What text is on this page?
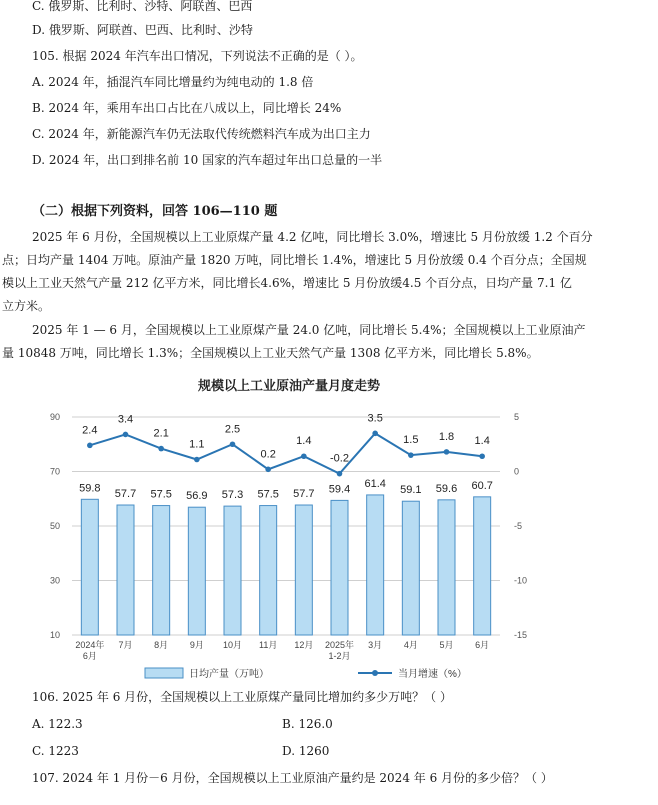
C. 俄罗斯、比利时、沙特、阿联酋、巴西
D. 俄罗斯、阿联酋、巴西、比利时、沙特
105. 根据 2024 年汽车出口情况，下列说法不正确的是（ ）。
A. 2024 年，插混汽车同比增量约为纯电动的 1.8 倍
B. 2024 年，乘用车出口占比在八成以上，同比增长 24%
C. 2024 年，新能源汽车仍无法取代传统燃料汽车成为出口主力
D. 2024 年，出口到排名前 10 国家的汽车超过年出口总量的一半
（二）根据下列资料，回答 106—110 题
2025 年 6 月份，全国规模以上工业原煤产量 4.2 亿吨，同比增长 3.0%，增速比 5 月份放缓 1.2 个百分
点；日均产量 1404 万吨。原油产量 1820 万吨，同比增长 1.4%，增速比 5 月份放缓 0.4 个百分点；全国规
模以上工业天然气产量 212 亿平方米，同比增长4.6%，增速比 5 月份放缓4.5 个百分点，日均产量 7.1 亿
立方米。
2025 年 1 — 6 月，全国规模以上工业原煤产量 24.0 亿吨，同比增长 5.4%；全国规模以上工业原油产
量 10848 万吨，同比增长 1.3%；全国规模以上工业天然气产量 1308 亿平方米，同比增长 5.8%。
规模以上工业原油产量月度走势
10
30
50
70
90
-15
-10
-5
0
5
59.8 57.7 57.5 56.9 57.3 57.5 57.7 59.4 61.4
59.1 59.6 60.7
2.4
3.4
2.1
1.1
2.5
0.2
1.4
-0.2
3.5
1.5 1.8 1.4
2024年 6月
7月 8月 9月 10月 11月 12月 2025年 1-2月
3月 4月 5月 6月
日均产量（万吨）	当月增速（%）
106. 2025 年 6 月份，全国规模以上工业原煤产量同比增加约多少万吨？（ ）
A. 122.3	B. 126.0
C. 1223	D. 1260
107. 2024 年 1 月份－6 月份，全国规模以上工业原油产量约是 2024 年 6 月份的多少倍？（ ）
